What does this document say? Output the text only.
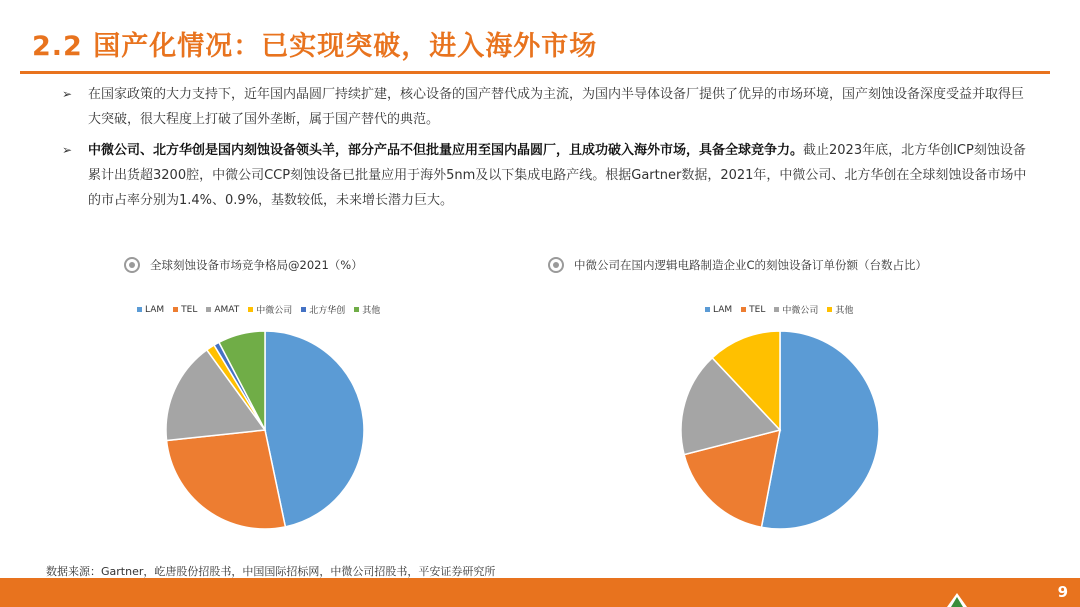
2.2 国产化情况：已实现突破，进入海外市场
➢ 在国家政策的大力支持下，近年国内晶圆厂持续扩建，核心设备的国产替代成为主流，为国内半导体设备厂提供了优异的市场环境，国产刻蚀设备深度受益并取得巨大突破，很大程度上打破了国外垄断，属于国产替代的典范。
➢ 中微公司、北方华创是国内刻蚀设备领头羊，部分产品不但批量应用至国内晶圆厂，且成功破入海外市场，具备全球竞争力。截止2023年底，北方华创ICP刻蚀设备累计出货超3200腔，中微公司CCP刻蚀设备已批量应用于海外5nm及以下集成电路产线。根据Gartner数据，2021年，中微公司、北方华创在全球刻蚀设备市场中的市占率分别为1.4%、0.9%，基数较低，未来增长潜力巨大。
全球刻蚀设备市场竞争格局@2021（%）
LAM TEL AMAT 中微公司 北方华创 其他
中微公司在国内逻辑电路制造企业C的刻蚀设备订单份额（台数占比）
LAM TEL 中微公司 其他
数据来源：Gartner，屹唐股份招股书，中国国际招标网，中微公司招股书，平安证券研究所
9
